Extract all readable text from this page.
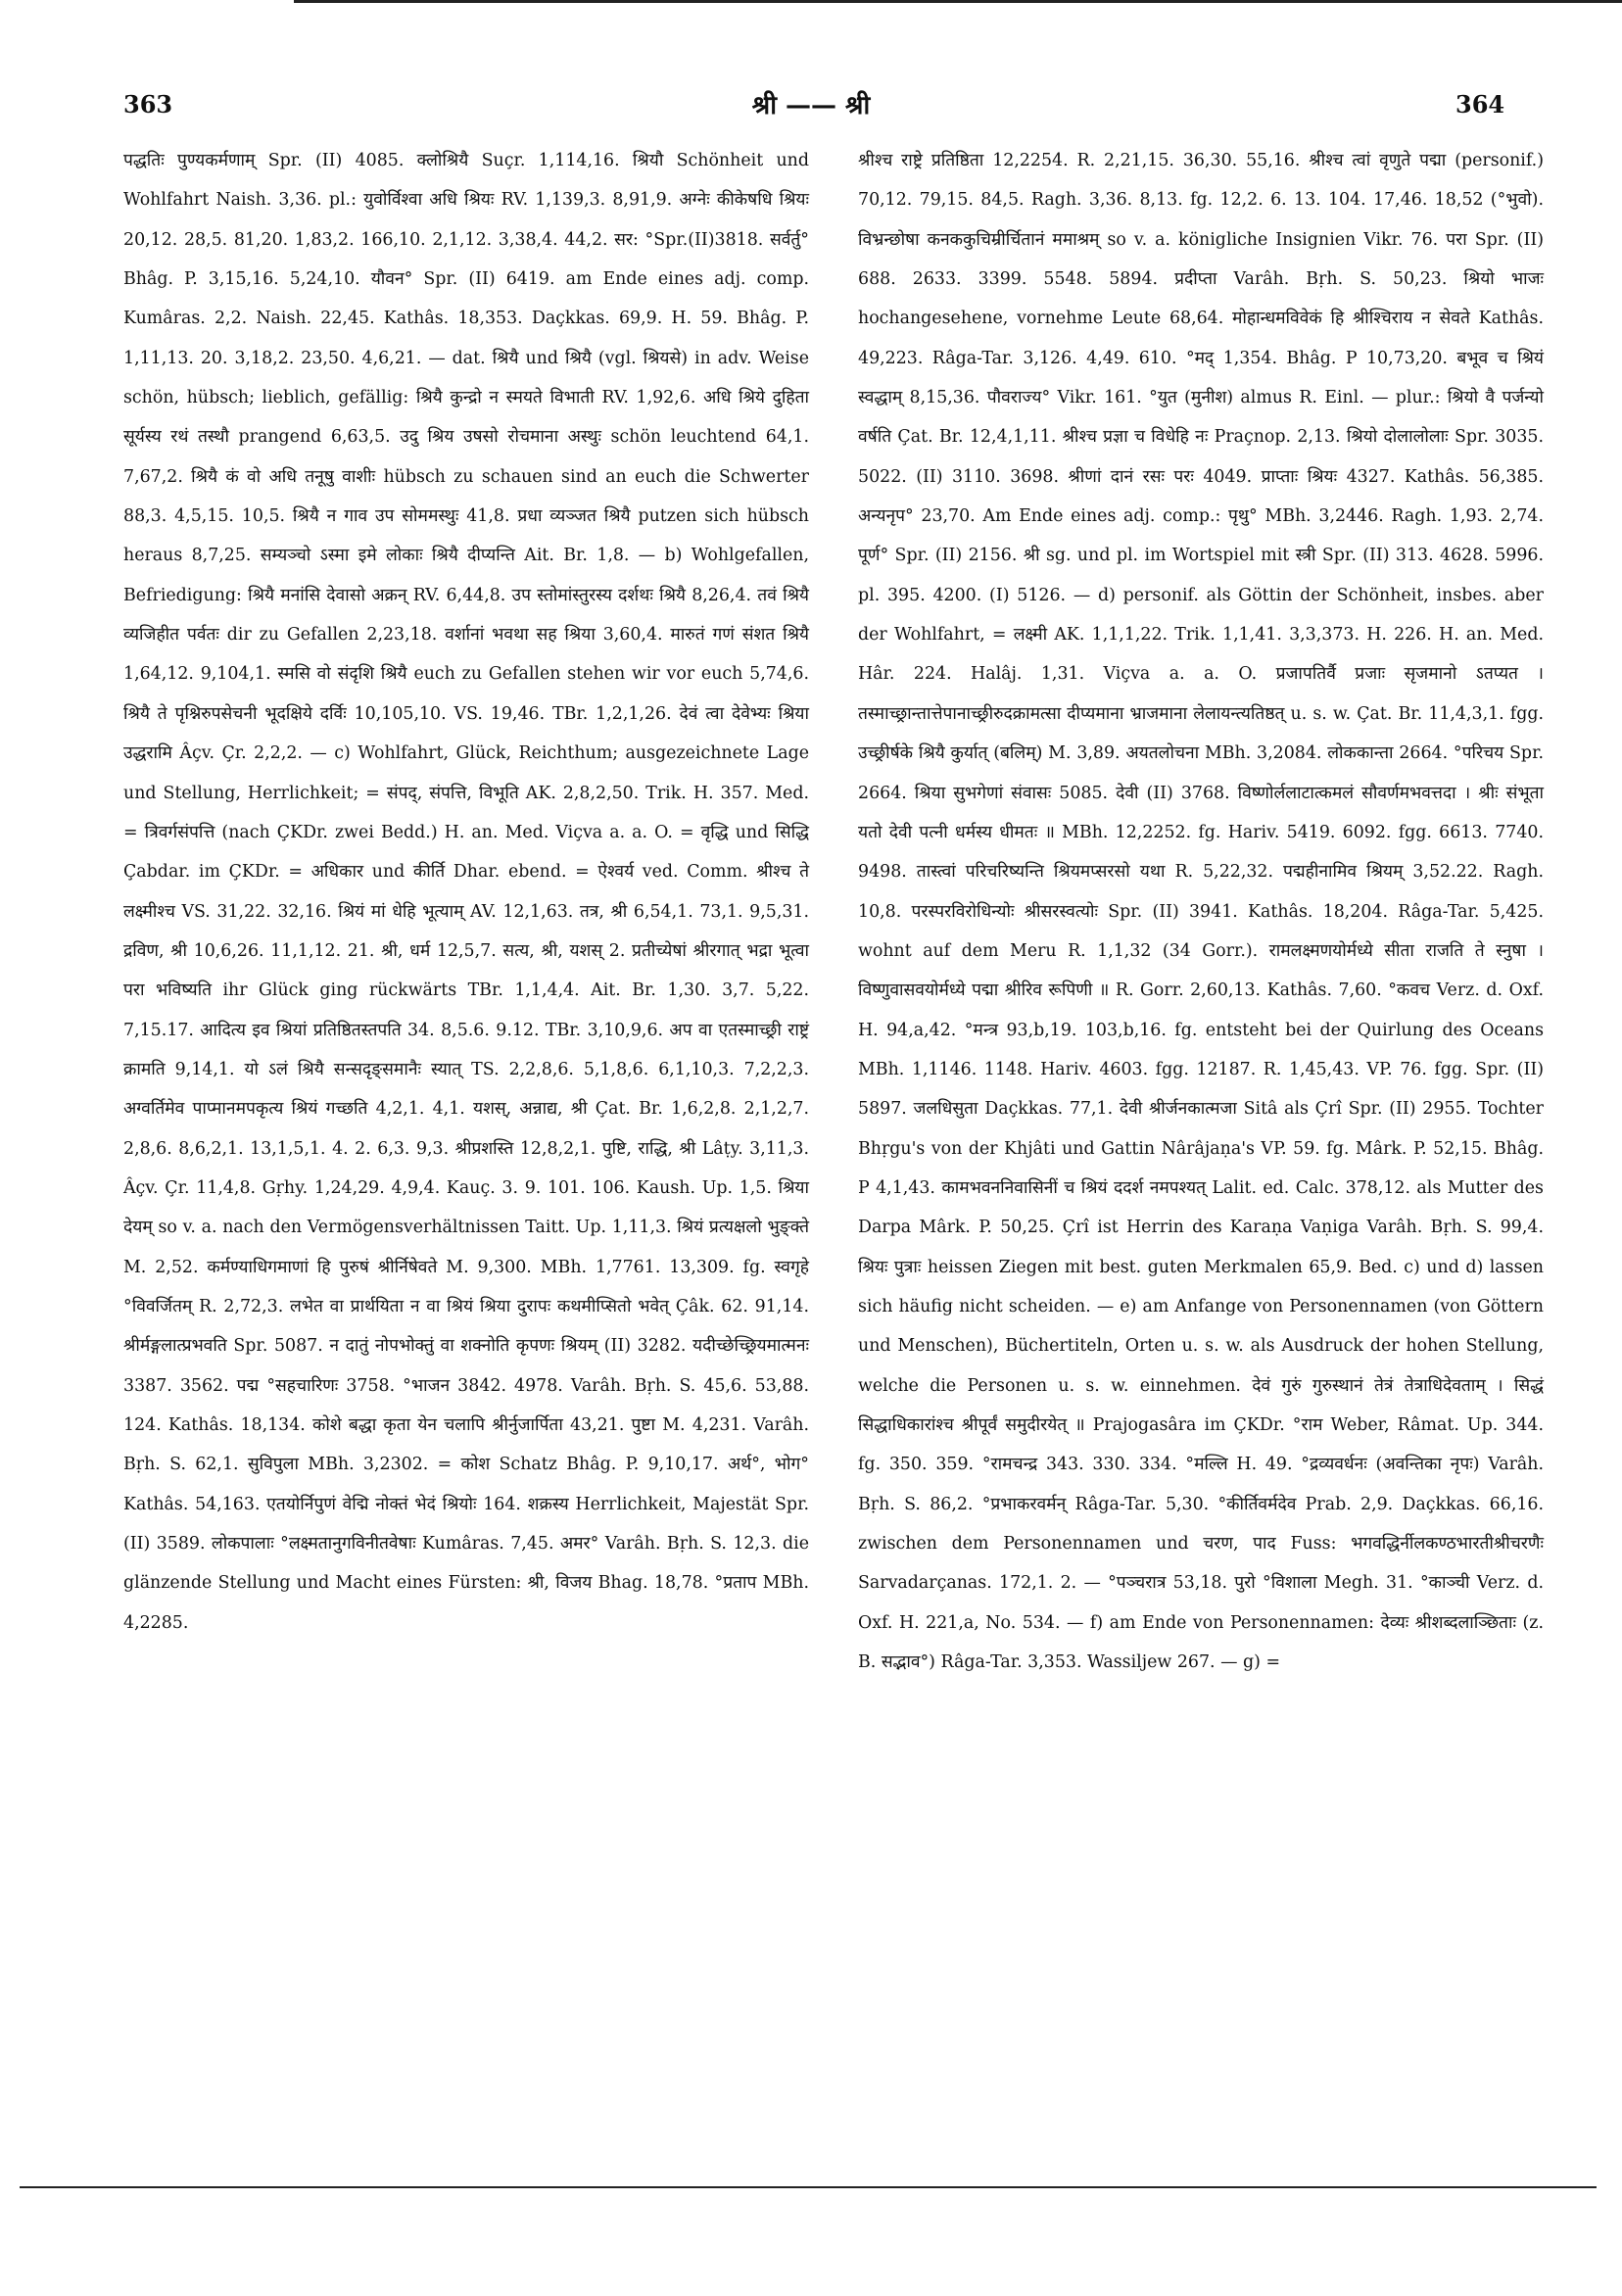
363	श्री —— श्री	364

पद्धतिः पुण्यकर्मणाम् Spr. (II) 4085. क्लोश्रियै Suçr. 1,114,16. श्रियौ Schönheit und Wohlfahrt Naish. 3,36. pl.: युवोर्विश्वा अधि श्रियः RV. 1,139,3. 8,91,9. अग्नेः कीकेषधि श्रियः 20,12. 28,5. 81,20. 1,83,2. 166,10. 2,1,12. 3,38,4. 44,2. सर: °Spr.(II)3818. सर्वर्तु° Bhâg. P. 3,15,16. 5,24,10. यौवन° Spr. (II) 6419. am Ende eines adj. comp. Kumâras. 2,2. Naish. 22,45. Kathâs. 18,353. Daçkkas. 69,9. H. 59. Bhâg. P. 1,11,13. 20. 3,18,2. 23,50. 4,6,21. — dat. श्रियै und श्रियै (vgl. श्रियसे) in adv. Weise schön, hübsch; lieblich, gefällig: श्रियै कुन्द्रो न स्मयते विभाती RV. 1,92,6. अधि श्रिये दुहिता सूर्यस्य रथं तस्थौ prangend 6,63,5. उदु श्रिय उषसो रोचमाना अस्थुः schön leuchtend 64,1. 7,67,2. श्रियै कं वो अधि तनूषु वाशीः hübsch zu schauen sind an euch die Schwerter 88,3. 4,5,15. 10,5. श्रियै न गाव उप सोममस्थुः 41,8. प्रधा व्यञ्जत श्रियै putzen sich hübsch heraus 8,7,25. सम्यञ्चो ऽस्मा इमे लोकाः श्रियै दीप्यन्ति Ait. Br. 1,8. — b) Wohlgefallen, Befriedigung: श्रियै मनांसि देवासो अक्रन् RV. 6,44,8. उप स्तोमांस्तुरस्य दर्शथः श्रियै 8,26,4. तवं श्रियै व्यजिहीत पर्वतः dir zu Gefallen 2,23,18. वर्शानां भवथा सह श्रिया 3,60,4. मारुतं गणं संशत श्रियै 1,64,12. 9,104,1. स्मसि वो संदृशि श्रियै euch zu Gefallen stehen wir vor euch 5,74,6. श्रियै ते पृश्निरुपसेचनी भूदक्षिये दर्विः 10,105,10. VS. 19,46. TBr. 1,2,1,26. देवं त्वा देवेभ्यः श्रिया उद्धरामि Âçv. Çr. 2,2,2. — c) Wohlfahrt, Glück, Reichthum; ausgezeichnete Lage und Stellung, Herrlichkeit; = संपद्, संपत्ति, विभूति AK. 2,8,2,50. Trik. H. 357. Med. = त्रिवर्गसंपत्ति (nach ÇKDr. zwei Bedd.) H. an. Med. Viçva a. a. O. = वृद्धि und सिद्धि Çabdar. im ÇKDr. = अधिकार und कीर्ति Dhar. ebend. = ऐश्वर्य ved. Comm. श्रीश्च ते लक्ष्मीश्च VS. 31,22. 32,16. श्रियं मां धेहि भूत्याम् AV. 12,1,63. तत्र, श्री 6,54,1. 73,1. 9,5,31. द्रविण, श्री 10,6,26. 11,1,12. 21. श्री, धर्म 12,5,7. सत्य, श्री, यशस् 2. प्रतीच्येषां श्रीरगात् भद्रा भूत्वा परा भविष्यति ihr Glück ging rückwärts TBr. 1,1,4,4. Ait. Br. 1,30. 3,7. 5,22. 7,15.17. आदित्य इव श्रियां प्रतिष्ठितस्तपति 34. 8,5.6. 9.12. TBr. 3,10,9,6. अप वा एतस्माच्छ्री राष्ट्रं क्रामति 9,14,1. यो ऽलं श्रियै सन्सदृङ्समानैः स्यात् TS. 2,2,8,6. 5,1,8,6. 6,1,10,3. 7,2,2,3. अग्वर्तिमेव पाप्मानमपकृत्य श्रियं गच्छति 4,2,1. 4,1. यशस्, अन्नाद्य, श्री Çat. Br. 1,6,2,8. 2,1,2,7. 2,8,6. 8,6,2,1. 13,1,5,1. 4. 2. 6,3. 9,3. श्रीप्रशस्ति 12,8,2,1. पुष्टि, राद्धि, श्री Lâṭy. 3,11,3. Âçv. Çr. 11,4,8. Gṛhy. 1,24,29. 4,9,4. Kauç. 3. 9. 101. 106. Kaush. Up. 1,5. श्रिया देयम् so v. a. nach den Vermögensverhältnissen Taitt. Up. 1,11,3. श्रियं प्रत्यक्षलो भुङ्क्ते M. 2,52. कर्मण्याधिगमाणां हि पुरुषं श्रीर्निषेवते M. 9,300. MBh. 1,7761. 13,309. fg. स्वगृहे °विवर्जितम् R. 2,72,3. लभेत वा प्रार्थयिता न वा श्रियं श्रिया दुरापः कथमीप्सितो भवेत् Çâk. 62. 91,14. श्रीर्मङ्गलात्प्रभवति Spr. 5087. न दातुं नोपभोक्तुं वा शक्नोति कृपणः श्रियम् (II) 3282. यदीच्छेच्छ्रियमात्मनः 3387. 3562. पद्म °सहचारिणः 3758. °भाजन 3842. 4978. Varâh. Bṛh. S. 45,6. 53,88. 124. Kathâs. 18,134. कोशे बद्धा कृता येन चलापि श्रीर्नुजार्पिता 43,21. पुष्टा M. 4,231. Varâh. Bṛh. S. 62,1. सुविपुला MBh. 3,2302. = कोश Schatz Bhâg. P. 9,10,17. अर्थ°, भोग° Kathâs. 54,163. एतयोर्निपुणं वेद्मि नोक्तं भेदं श्रियोः 164. शक्रस्य Herrlichkeit, Majestät Spr. (II) 3589. लोकपालाः °लक्ष्मतानुगविनीतवेषाः Kumâras. 7,45. अमर° Varâh. Bṛh. S. 12,3. die glänzende Stellung und Macht eines Fürsten: श्री, विजय Bhag. 18,78. °प्रताप MBh. 4,2285.

श्रीश्च राष्ट्रे प्रतिष्ठिता 12,2254. R. 2,21,15. 36,30. 55,16. श्रीश्च त्वां वृणुते पद्मा (personif.) 70,12. 79,15. 84,5. Ragh. 3,36. 8,13. fg. 12,2. 6. 13. 104. 17,46. 18,52 (°भुवो). विभ्रन्छोषा कनककुचिम्रीर्चितानं ममाश्रम् so v. a. königliche Insignien Vikr. 76. परा Spr. (II) 688. 2633. 3399. 5548. 5894. प्रदीप्ता Varâh. Bṛh. S. 50,23. श्रियो भाजः hochangesehene, vornehme Leute 68,64. मोहान्धमविवेकं हि श्रीश्चिराय न सेवते Kathâs. 49,223. Râga-Tar. 3,126. 4,49. 610. °मद् 1,354. Bhâg. P 10,73,20. बभूव च श्रियं स्वद्धाम् 8,15,36. पौवराज्य° Vikr. 161. °युत (मुनीश) almus R. Einl. — plur.: श्रियो वै पर्जन्यो वर्षति Çat. Br. 12,4,1,11. श्रीश्च प्रज्ञा च विधेहि नः Praçnop. 2,13. श्रियो दोलालोलाः Spr. 3035. 5022. (II) 3110. 3698. श्रीणां दानं रसः परः 4049. प्राप्ताः श्रियः 4327. Kathâs. 56,385. अन्यनृप° 23,70. Am Ende eines adj. comp.: पृथु° MBh. 3,2446. Ragh. 1,93. 2,74. पूर्ण° Spr. (II) 2156. श्री sg. und pl. im Wortspiel mit स्त्री Spr. (II) 313. 4628. 5996. pl. 395. 4200. (I) 5126. — d) personif. als Göttin der Schönheit, insbes. aber der Wohlfahrt, = लक्ष्मी AK. 1,1,1,22. Trik. 1,1,41. 3,3,373. H. 226. H. an. Med. Hâr. 224. Halâj. 1,31. Viçva a. a. O. प्रजापतिर्वै प्रजाः सृजमानो ऽतप्यत । तस्माच्छ्रान्तात्तेपानाच्छ्रीरुदक्रामत्सा दीप्यमाना भ्राजमाना लेलायन्त्यतिष्ठत् u. s. w. Çat. Br. 11,4,3,1. fgg. उच्छ्रीर्षके श्रियै कुर्यात् (बलिम्) M. 3,89. अयतलोचना MBh. 3,2084. लोककान्ता 2664. °परिचय Spr. 2664. श्रिया सुभगेणां संवासः 5085. देवी (II) 3768. विष्णोर्ललाटात्कमलं सौवर्णमभवत्तदा । श्रीः संभूता यतो देवी पत्नी धर्मस्य धीमतः ॥ MBh. 12,2252. fg. Hariv. 5419. 6092. fgg. 6613. 7740. 9498. तास्त्वां परिचरिष्यन्ति श्रियमप्सरसो यथा R. 5,22,32. पद्महीनामिव श्रियम् 3,52.22. Ragh. 10,8. परस्परविरोधिन्योः श्रीसरस्वत्योः Spr. (II) 3941. Kathâs. 18,204. Râga-Tar. 5,425. wohnt auf dem Meru R. 1,1,32 (34 Gorr.). रामलक्ष्मणयोर्मध्ये सीता राजति ते स्नुषा । विष्णुवासवयोर्मध्ये पद्मा श्रीरिव रूपिणी ॥ R. Gorr. 2,60,13. Kathâs. 7,60. °कवच Verz. d. Oxf. H. 94,a,42. °मन्त्र 93,b,19. 103,b,16. fg. entsteht bei der Quirlung des Oceans MBh. 1,1146. 1148. Hariv. 4603. fgg. 12187. R. 1,45,43. VP. 76. fgg. Spr. (II) 5897. जलधिसुता Daçkkas. 77,1. देवी श्रीर्जनकात्मजा Sitâ als Çrî Spr. (II) 2955. Tochter Bhṛgu's von der Khjâti und Gattin Nârâjaṇa's VP. 59. fg. Mârk. P. 52,15. Bhâg. P 4,1,43. कामभवननिवासिनीं च श्रियं ददर्श नमपश्यत् Lalit. ed. Calc. 378,12. als Mutter des Darpa Mârk. P. 50,25. Çrî ist Herrin des Karaṇa Vaṇiga Varâh. Bṛh. S. 99,4. श्रियः पुत्राः heissen Ziegen mit best. guten Merkmalen 65,9. Bed. c) und d) lassen sich häufig nicht scheiden. — e) am Anfange von Personennamen (von Göttern und Menschen), Büchertiteln, Orten u. s. w. als Ausdruck der hohen Stellung, welche die Personen u. s. w. einnehmen. देवं गुरुं गुरुस्थानं तेत्रं तेत्राधिदेवताम् । सिद्धं सिद्धाधिकारांश्च श्रीपूर्वं समुदीरयेत् ॥ Prajogasâra im ÇKDr. °राम Weber, Râmat. Up. 344. fg. 350. 359. °रामचन्द्र 343. 330. 334. °मल्लि H. 49. °द्रव्यवर्धनः (अवन्तिका नृपः) Varâh. Bṛh. S. 86,2. °प्रभाकरवर्मन् Râga-Tar. 5,30. °कीर्तिवर्मदेव Prab. 2,9. Daçkkas. 66,16. zwischen dem Personennamen und चरण, पाद Fuss: भगवद्धिर्नीलकण्ठभारतीश्रीचरणैः Sarvadarçanas. 172,1. 2. — °पञ्चरात्र 53,18. पुरो °विशाला Megh. 31. °काञ्ची Verz. d. Oxf. H. 221,a, No. 534. — f) am Ende von Personennamen: देव्यः श्रीशब्दलाञ्छिताः (z. B. सद्भाव°) Râga-Tar. 3,353. Wassiljew 267. — g) =
